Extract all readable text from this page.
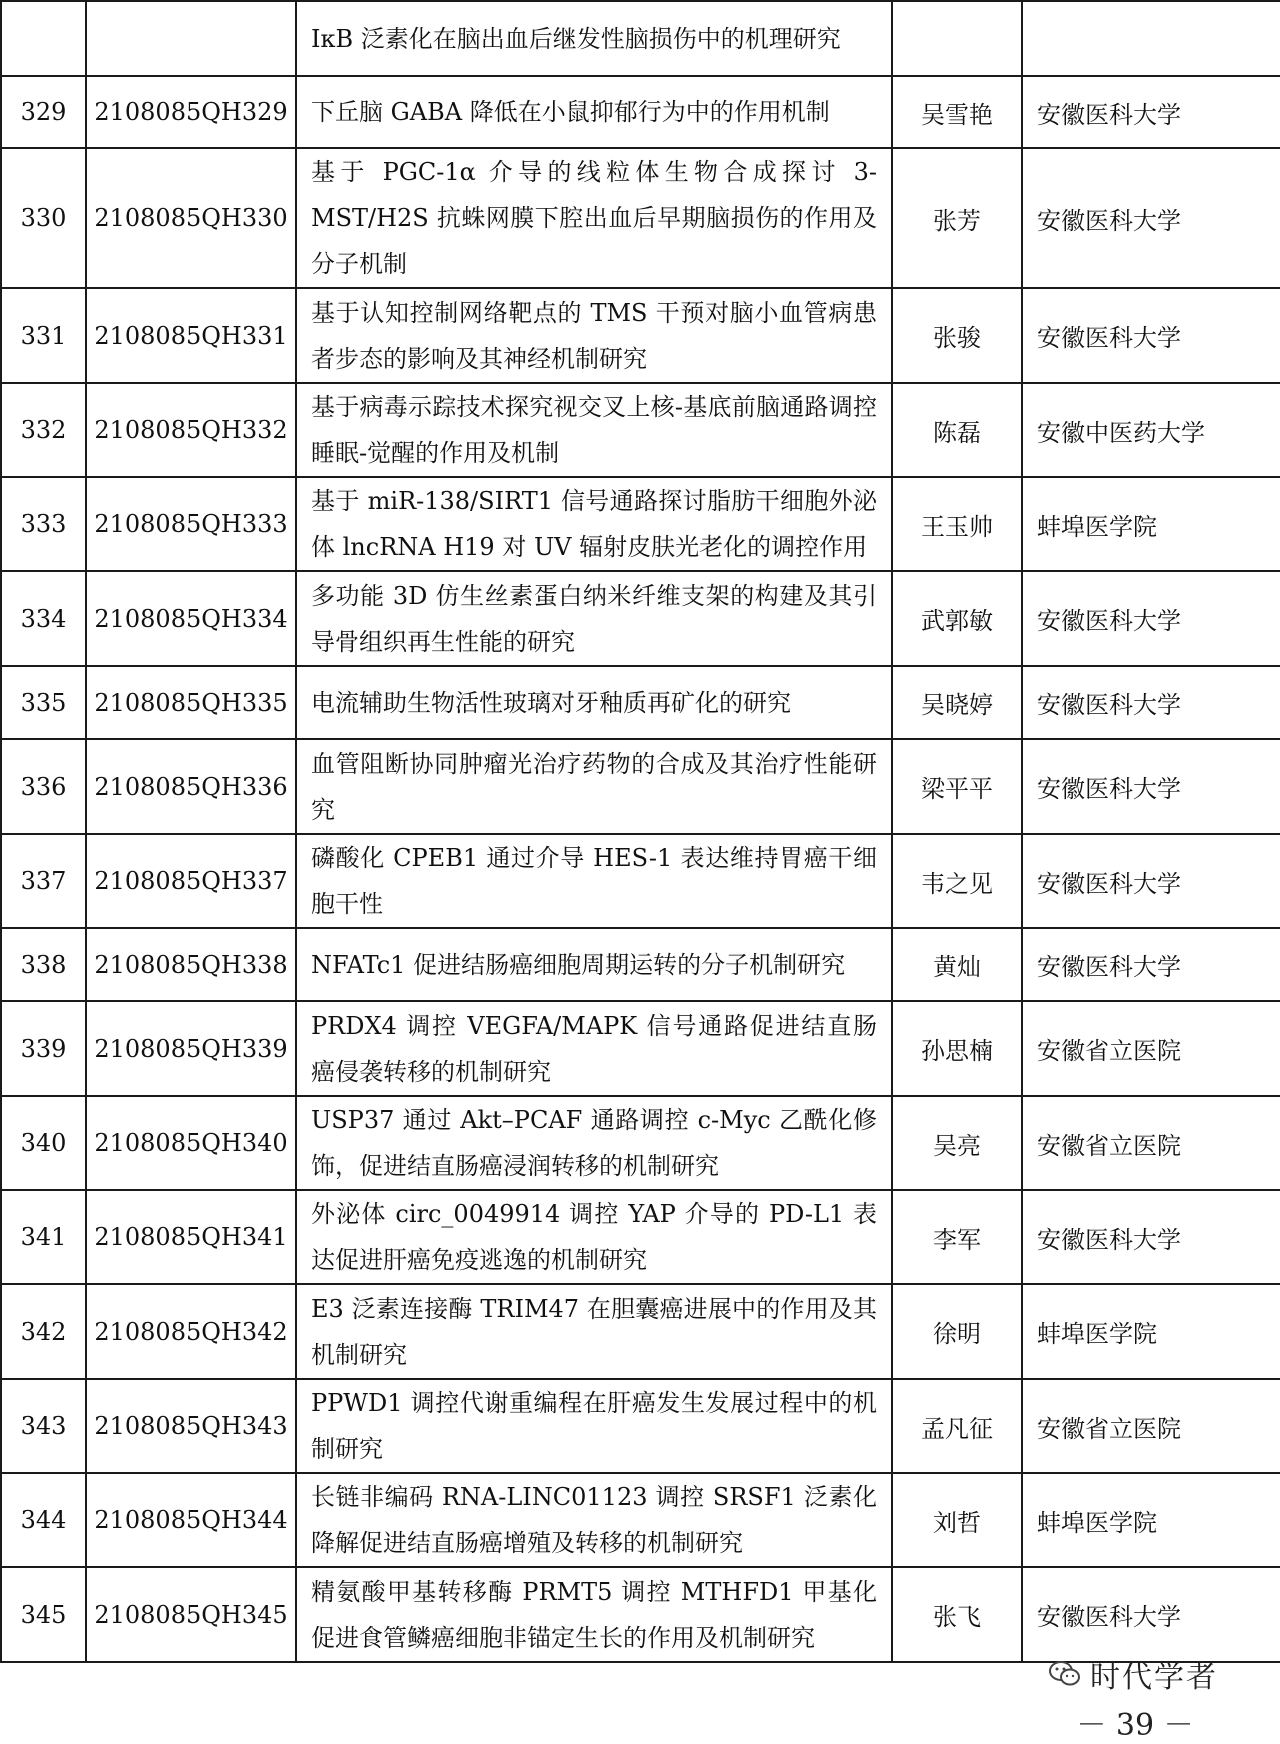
		IκB 泛素化在脑出血后继发性脑损伤中的机理研究		
329	2108085QH329	下丘脑 GABA 降低在小鼠抑郁行为中的作用机制	吴雪艳	安徽医科大学
330	2108085QH330	基于 PGC-1α 介导的线粒体生物合成探讨 3-MST/H2S 抗蛛网膜下腔出血后早期脑损伤的作用及分子机制	张芳	安徽医科大学
331	2108085QH331	基于认知控制网络靶点的 TMS 干预对脑小血管病患者步态的影响及其神经机制研究	张骏	安徽医科大学
332	2108085QH332	基于病毒示踪技术探究视交叉上核-基底前脑通路调控睡眠-觉醒的作用及机制	陈磊	安徽中医药大学
333	2108085QH333	基于 miR-138/SIRT1 信号通路探讨脂肪干细胞外泌体 lncRNA H19 对 UV 辐射皮肤光老化的调控作用	王玉帅	蚌埠医学院
334	2108085QH334	多功能 3D 仿生丝素蛋白纳米纤维支架的构建及其引导骨组织再生性能的研究	武郭敏	安徽医科大学
335	2108085QH335	电流辅助生物活性玻璃对牙釉质再矿化的研究	吴晓婷	安徽医科大学
336	2108085QH336	血管阻断协同肿瘤光治疗药物的合成及其治疗性能研究	梁平平	安徽医科大学
337	2108085QH337	磷酸化 CPEB1 通过介导 HES-1 表达维持胃癌干细胞干性	韦之见	安徽医科大学
338	2108085QH338	NFATc1 促进结肠癌细胞周期运转的分子机制研究	黄灿	安徽医科大学
339	2108085QH339	PRDX4 调控 VEGFA/MAPK 信号通路促进结直肠癌侵袭转移的机制研究	孙思楠	安徽省立医院
340	2108085QH340	USP37 通过 Akt–PCAF 通路调控 c-Myc 乙酰化修饰，促进结直肠癌浸润转移的机制研究	吴亮	安徽省立医院
341	2108085QH341	外泌体 circ_0049914 调控 YAP 介导的 PD-L1 表达促进肝癌免疫逃逸的机制研究	李军	安徽医科大学
342	2108085QH342	E3 泛素连接酶 TRIM47 在胆囊癌进展中的作用及其机制研究	徐明	蚌埠医学院
343	2108085QH343	PPWD1 调控代谢重编程在肝癌发生发展过程中的机制研究	孟凡征	安徽省立医院
344	2108085QH344	长链非编码 RNA-LINC01123 调控 SRSF1 泛素化降解促进结直肠癌增殖及转移的机制研究	刘哲	蚌埠医学院
345	2108085QH345	精氨酸甲基转移酶 PRMT5 调控 MTHFD1 甲基化促进食管鳞癌细胞非锚定生长的作用及机制研究	张飞	安徽医科大学
时代学者
－ 39 －
